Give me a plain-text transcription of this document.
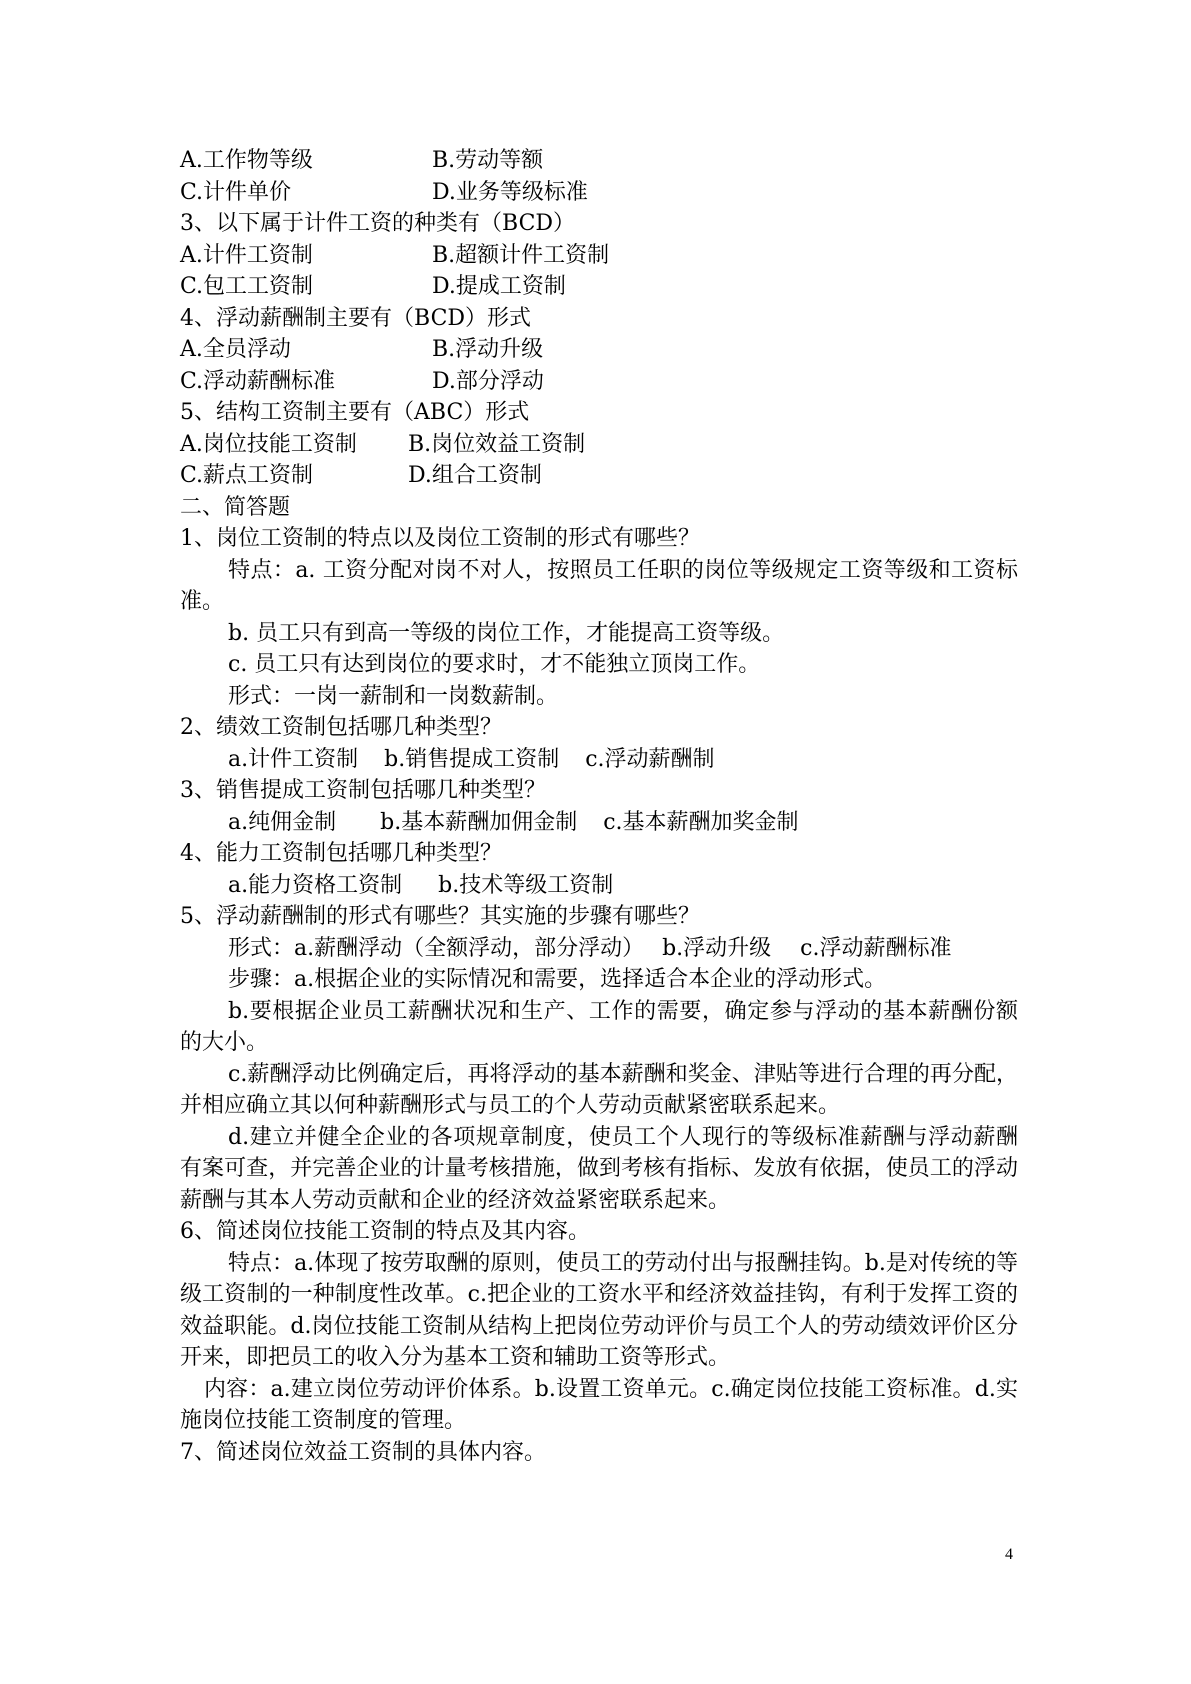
A.工作物等级	B.劳动等额
C.计件单价	D.业务等级标准
3、以下属于计件工资的种类有（BCD）
A.计件工资制	B.超额计件工资制
C.包工工资制	D.提成工资制
4、浮动薪酬制主要有（BCD）形式
A.全员浮动	B.浮动升级
C.浮动薪酬标准	D.部分浮动
5、结构工资制主要有（ABC）形式
A.岗位技能工资制 B.岗位效益工资制
C.薪点工资制	D.组合工资制
二、简答题
1、岗位工资制的特点以及岗位工资制的形式有哪些？
特点：a. 工资分配对岗不对人，按照员工任职的岗位等级规定工资等级和工资标准。
b. 员工只有到高一等级的岗位工作，才能提高工资等级。
c. 员工只有达到岗位的要求时，才不能独立顶岗工作。
形式：一岗一薪制和一岗数薪制。
2、绩效工资制包括哪几种类型？
a.计件工资制 b.销售提成工资制 c.浮动薪酬制
3、销售提成工资制包括哪几种类型？
a.纯佣金制 b.基本薪酬加佣金制 c.基本薪酬加奖金制
4、能力工资制包括哪几种类型？
a.能力资格工资制 b.技术等级工资制
5、浮动薪酬制的形式有哪些？其实施的步骤有哪些？
形式：a.薪酬浮动（全额浮动，部分浮动）　 b.浮动升级　 c.浮动薪酬标准
步骤：a.根据企业的实际情况和需要，选择适合本企业的浮动形式。
b.要根据企业员工薪酬状况和生产、工作的需要，确定参与浮动的基本薪酬份额的大小。
c.薪酬浮动比例确定后，再将浮动的基本薪酬和奖金、津贴等进行合理的再分配，并相应确立其以何种薪酬形式与员工的个人劳动贡献紧密联系起来。
d.建立并健全企业的各项规章制度，使员工个人现行的等级标准薪酬与浮动薪酬有案可查，并完善企业的计量考核措施，做到考核有指标、发放有依据，使员工的浮动薪酬与其本人劳动贡献和企业的经济效益紧密联系起来。
6、简述岗位技能工资制的特点及其内容。
特点：a.体现了按劳取酬的原则，使员工的劳动付出与报酬挂钩。b.是对传统的等级工资制的一种制度性改革。c.把企业的工资水平和经济效益挂钩，有利于发挥工资的效益职能。d.岗位技能工资制从结构上把岗位劳动评价与员工个人的劳动绩效评价区分开来，即把员工的收入分为基本工资和辅助工资等形式。
内容：a.建立岗位劳动评价体系。b.设置工资单元。c.确定岗位技能工资标准。d.实施岗位技能工资制度的管理。
7、简述岗位效益工资制的具体内容。
4
